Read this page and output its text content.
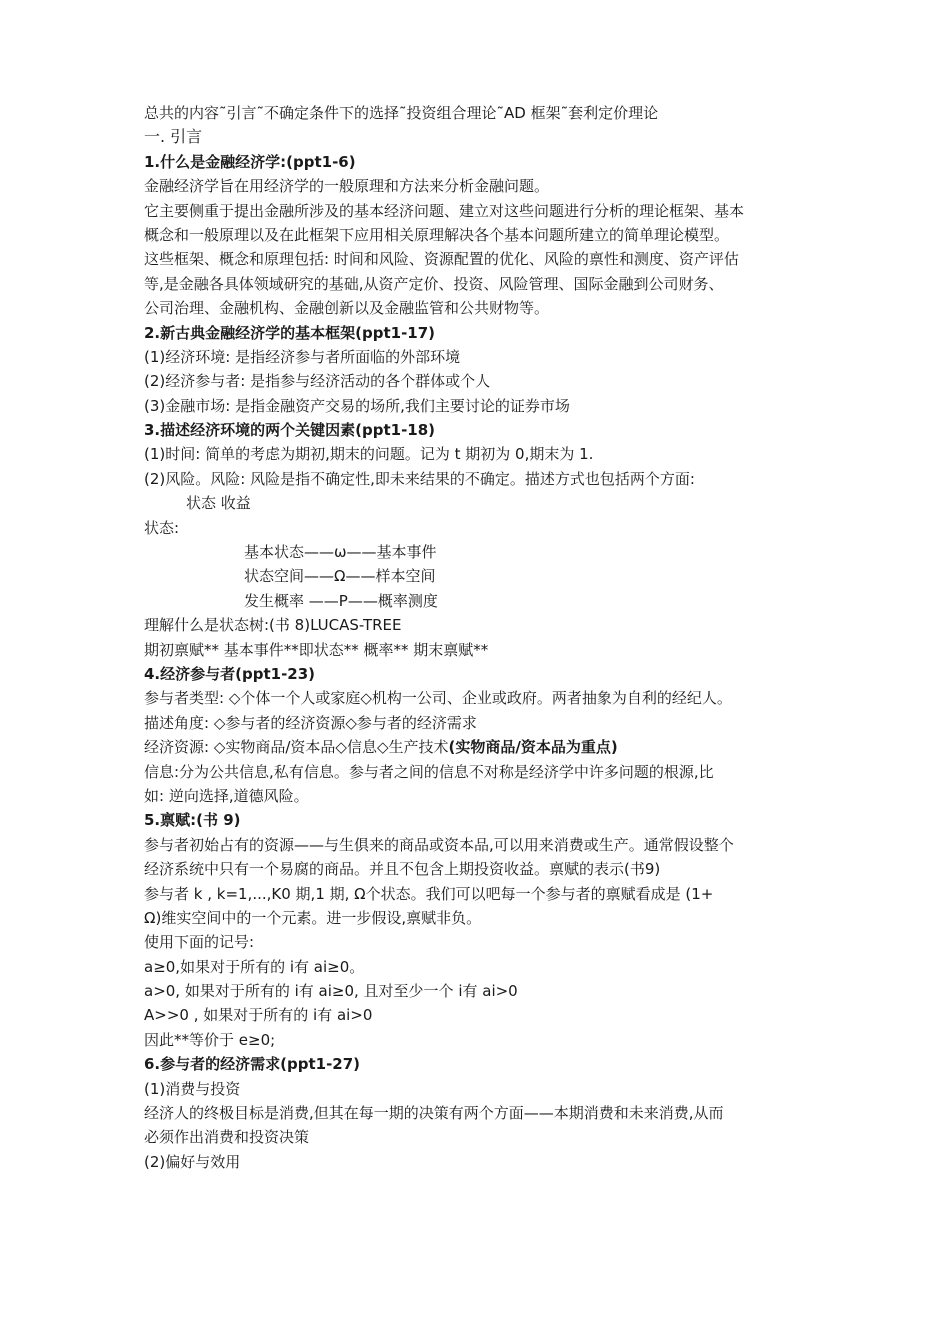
总共的内容˜引言˜不确定条件下的选择˜投资组合理论˜AD 框架˜套利定价理论
一. 引言
1.什么是金融经济学:(ppt1-6)
金融经济学旨在用经济学的一般原理和方法来分析金融问题。
它主要侧重于提出金融所涉及的基本经济问题、建立对这些问题进行分析的理论框架、基本
概念和一般原理以及在此框架下应用相关原理解决各个基本问题所建立的简单理论模型。
这些框架、概念和原理包括: 时间和风险、资源配置的优化、风险的禀性和测度、资产评估
等,是金融各具体领域研究的基础,从资产定价、投资、风险管理、国际金融到公司财务、
公司治理、金融机构、金融创新以及金融监管和公共财物等。
2.新古典金融经济学的基本框架(ppt1-17)
(1)经济环境: 是指经济参与者所面临的外部环境
(2)经济参与者: 是指参与经济活动的各个群体或个人
(3)金融市场: 是指金融资产交易的场所,我们主要讨论的证券市场
3.描述经济环境的两个关键因素(ppt1-18)
(1)时间: 简单的考虑为期初,期末的问题。记为 t 期初为 0,期末为 1.
(2)风险。风险: 风险是指不确定性,即未来结果的不确定。描述方式也包括两个方面:
状态 收益
状态:
基本状态——ω——基本事件
状态空间——Ω——样本空间
发生概率 ——P——概率测度
理解什么是状态树:(书 8)LUCAS-TREE
期初禀赋** 基本事件**即状态** 概率** 期末禀赋**
4.经济参与者(ppt1-23)
参与者类型: ◇个体一个人或家庭◇机构一公司、企业或政府。两者抽象为自利的经纪人。
描述角度: ◇参与者的经济资源◇参与者的经济需求
经济资源: ◇实物商品/资本品◇信息◇生产技术(实物商品/资本品为重点)
信息:分为公共信息,私有信息。参与者之间的信息不对称是经济学中许多问题的根源,比
如: 逆向选择,道德风险。
5.禀赋:(书 9)
参与者初始占有的资源——与生俱来的商品或资本品,可以用来消费或生产。通常假设整个
经济系统中只有一个易腐的商品。并且不包含上期投资收益。禀赋的表示(书9)
参与者 k , k=1,...,K0 期,1 期, Ω个状态。我们可以吧每一个参与者的禀赋看成是 (1+
Ω)维实空间中的一个元素。进一步假设,禀赋非负。
使用下面的记号:
a≥0,如果对于所有的 i有 ai≥0。
a>0, 如果对于所有的 i有 ai≥0, 且对至少一个 i有 ai>0
A>>0 , 如果对于所有的 i有 ai>0
因此**等价于 e≥0;
6.参与者的经济需求(ppt1-27)
(1)消费与投资
经济人的终极目标是消费,但其在每一期的决策有两个方面——本期消费和未来消费,从而
必须作出消费和投资决策
(2)偏好与效用
